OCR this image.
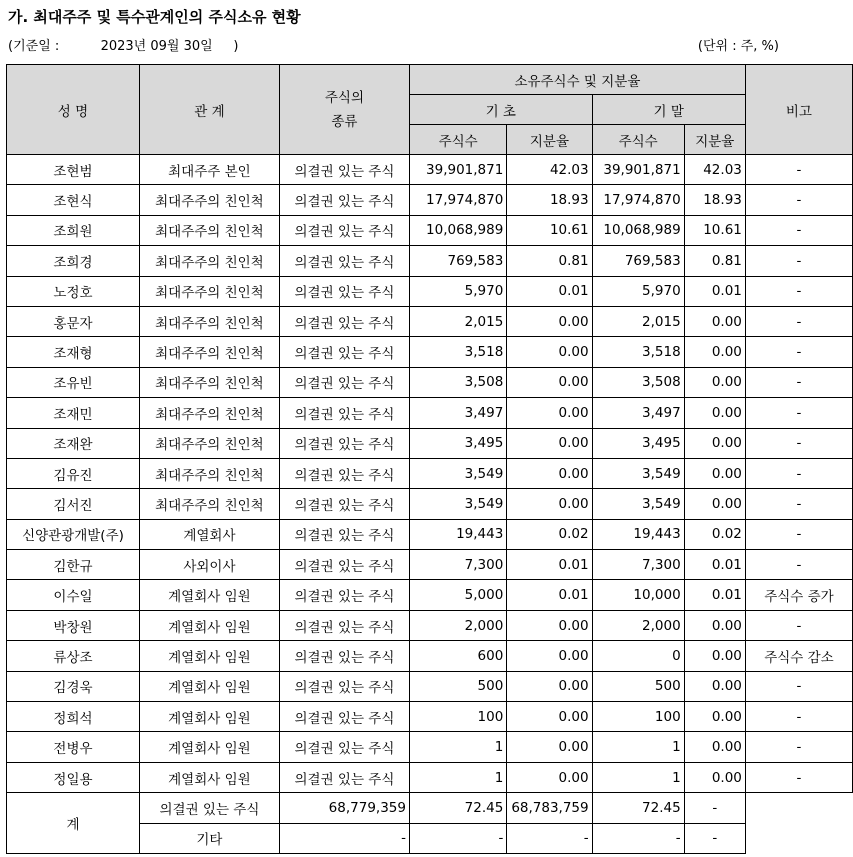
가. 최대주주 및 특수관계인의 주식소유 현황
(기준일 :	2023년 09월 30일 )	(단위 : 주, %)
성 명	관 계	주식의
종류	소유주식수 및 지분율				비고
			기 초		기 말		
			주식수	지분율	주식수	지분율	
조현범	최대주주 본인	의결권 있는 주식	39,901,871	42.03	39,901,871	42.03	-
조현식	최대주주의 친인척	의결권 있는 주식	17,974,870	18.93	17,974,870	18.93	-
조희원	최대주주의 친인척	의결권 있는 주식	10,068,989	10.61	10,068,989	10.61	-
조희경	최대주주의 친인척	의결권 있는 주식	769,583	0.81	769,583	0.81	-
노정호	최대주주의 친인척	의결권 있는 주식	5,970	0.01	5,970	0.01	-
홍문자	최대주주의 친인척	의결권 있는 주식	2,015	0.00	2,015	0.00	-
조재형	최대주주의 친인척	의결권 있는 주식	3,518	0.00	3,518	0.00	-
조유빈	최대주주의 친인척	의결권 있는 주식	3,508	0.00	3,508	0.00	-
조재민	최대주주의 친인척	의결권 있는 주식	3,497	0.00	3,497	0.00	-
조재완	최대주주의 친인척	의결권 있는 주식	3,495	0.00	3,495	0.00	-
김유진	최대주주의 친인척	의결권 있는 주식	3,549	0.00	3,549	0.00	-
김서진	최대주주의 친인척	의결권 있는 주식	3,549	0.00	3,549	0.00	-
신양관광개발(주)	계열회사	의결권 있는 주식	19,443	0.02	19,443	0.02	-
김한규	사외이사	의결권 있는 주식	7,300	0.01	7,300	0.01	-
이수일	계열회사 임원	의결권 있는 주식	5,000	0.01	10,000	0.01	주식수 증가
박창원	계열회사 임원	의결권 있는 주식	2,000	0.00	2,000	0.00	-
류상조	계열회사 임원	의결권 있는 주식	600	0.00	0	0.00	주식수 감소
김경욱	계열회사 임원	의결권 있는 주식	500	0.00	500	0.00	-
정희석	계열회사 임원	의결권 있는 주식	100	0.00	100	0.00	-
전병우	계열회사 임원	의결권 있는 주식	1	0.00	1	0.00	-
정일용	계열회사 임원	의결권 있는 주식	1	0.00	1	0.00	-
계	의결권 있는 주식	68,779,359	72.45	68,783,759	72.45	-	
	기타	-	-	-	-	-	
